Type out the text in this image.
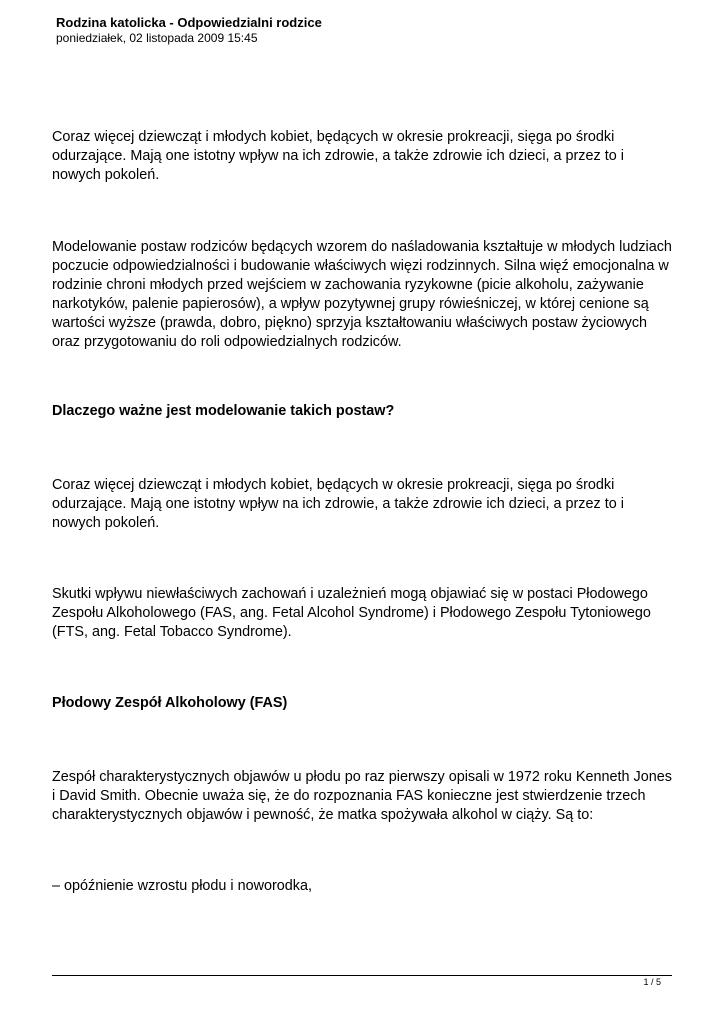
Rodzina katolicka - Odpowiedzialni rodzice

poniedziałek, 02 listopada 2009 15:45

Coraz więcej dziewcząt i młodych kobiet, będących w okresie prokreacji, sięga po środki odurzające. Mają one istotny wpływ na ich zdrowie, a także zdrowie ich dzieci, a przez to i nowych pokoleń.

Modelowanie postaw rodziców będących wzorem do naśladowania kształtuje w młodych ludziach poczucie odpowiedzialności i budowanie właściwych więzi rodzinnych. Silna więź emocjonalna w rodzinie chroni młodych przed wejściem w zachowania ryzykowne (picie alkoholu, zażywanie narkotyków, palenie papierosów), a wpływ pozytywnej grupy rówieśniczej, w której cenione są wartości wyższe (prawda, dobro, piękno) sprzyja kształtowaniu właściwych postaw życiowych oraz przygotowaniu do roli odpowiedzialnych rodziców.

Dlaczego ważne jest modelowanie takich postaw?

Coraz więcej dziewcząt i młodych kobiet, będących w okresie prokreacji, sięga po środki odurzające. Mają one istotny wpływ na ich zdrowie, a także zdrowie ich dzieci, a przez to i nowych pokoleń.

Skutki wpływu niewłaściwych zachowań i uzależnień mogą objawiać się w postaci Płodowego Zespołu Alkoholowego (FAS, ang. Fetal Alcohol Syndrome) i Płodowego Zespołu Tytoniowego (FTS, ang. Fetal Tobacco Syndrome).

Płodowy Zespół Alkoholowy (FAS)

Zespół charakterystycznych objawów u płodu po raz pierwszy opisali w 1972 roku Kenneth Jones i David Smith. Obecnie uważa się, że do rozpoznania FAS konieczne jest stwierdzenie trzech charakterystycznych objawów i pewność, że matka spożywała alkohol w ciąży. Są to:

– opóźnienie wzrostu płodu i noworodka,

1 / 5
